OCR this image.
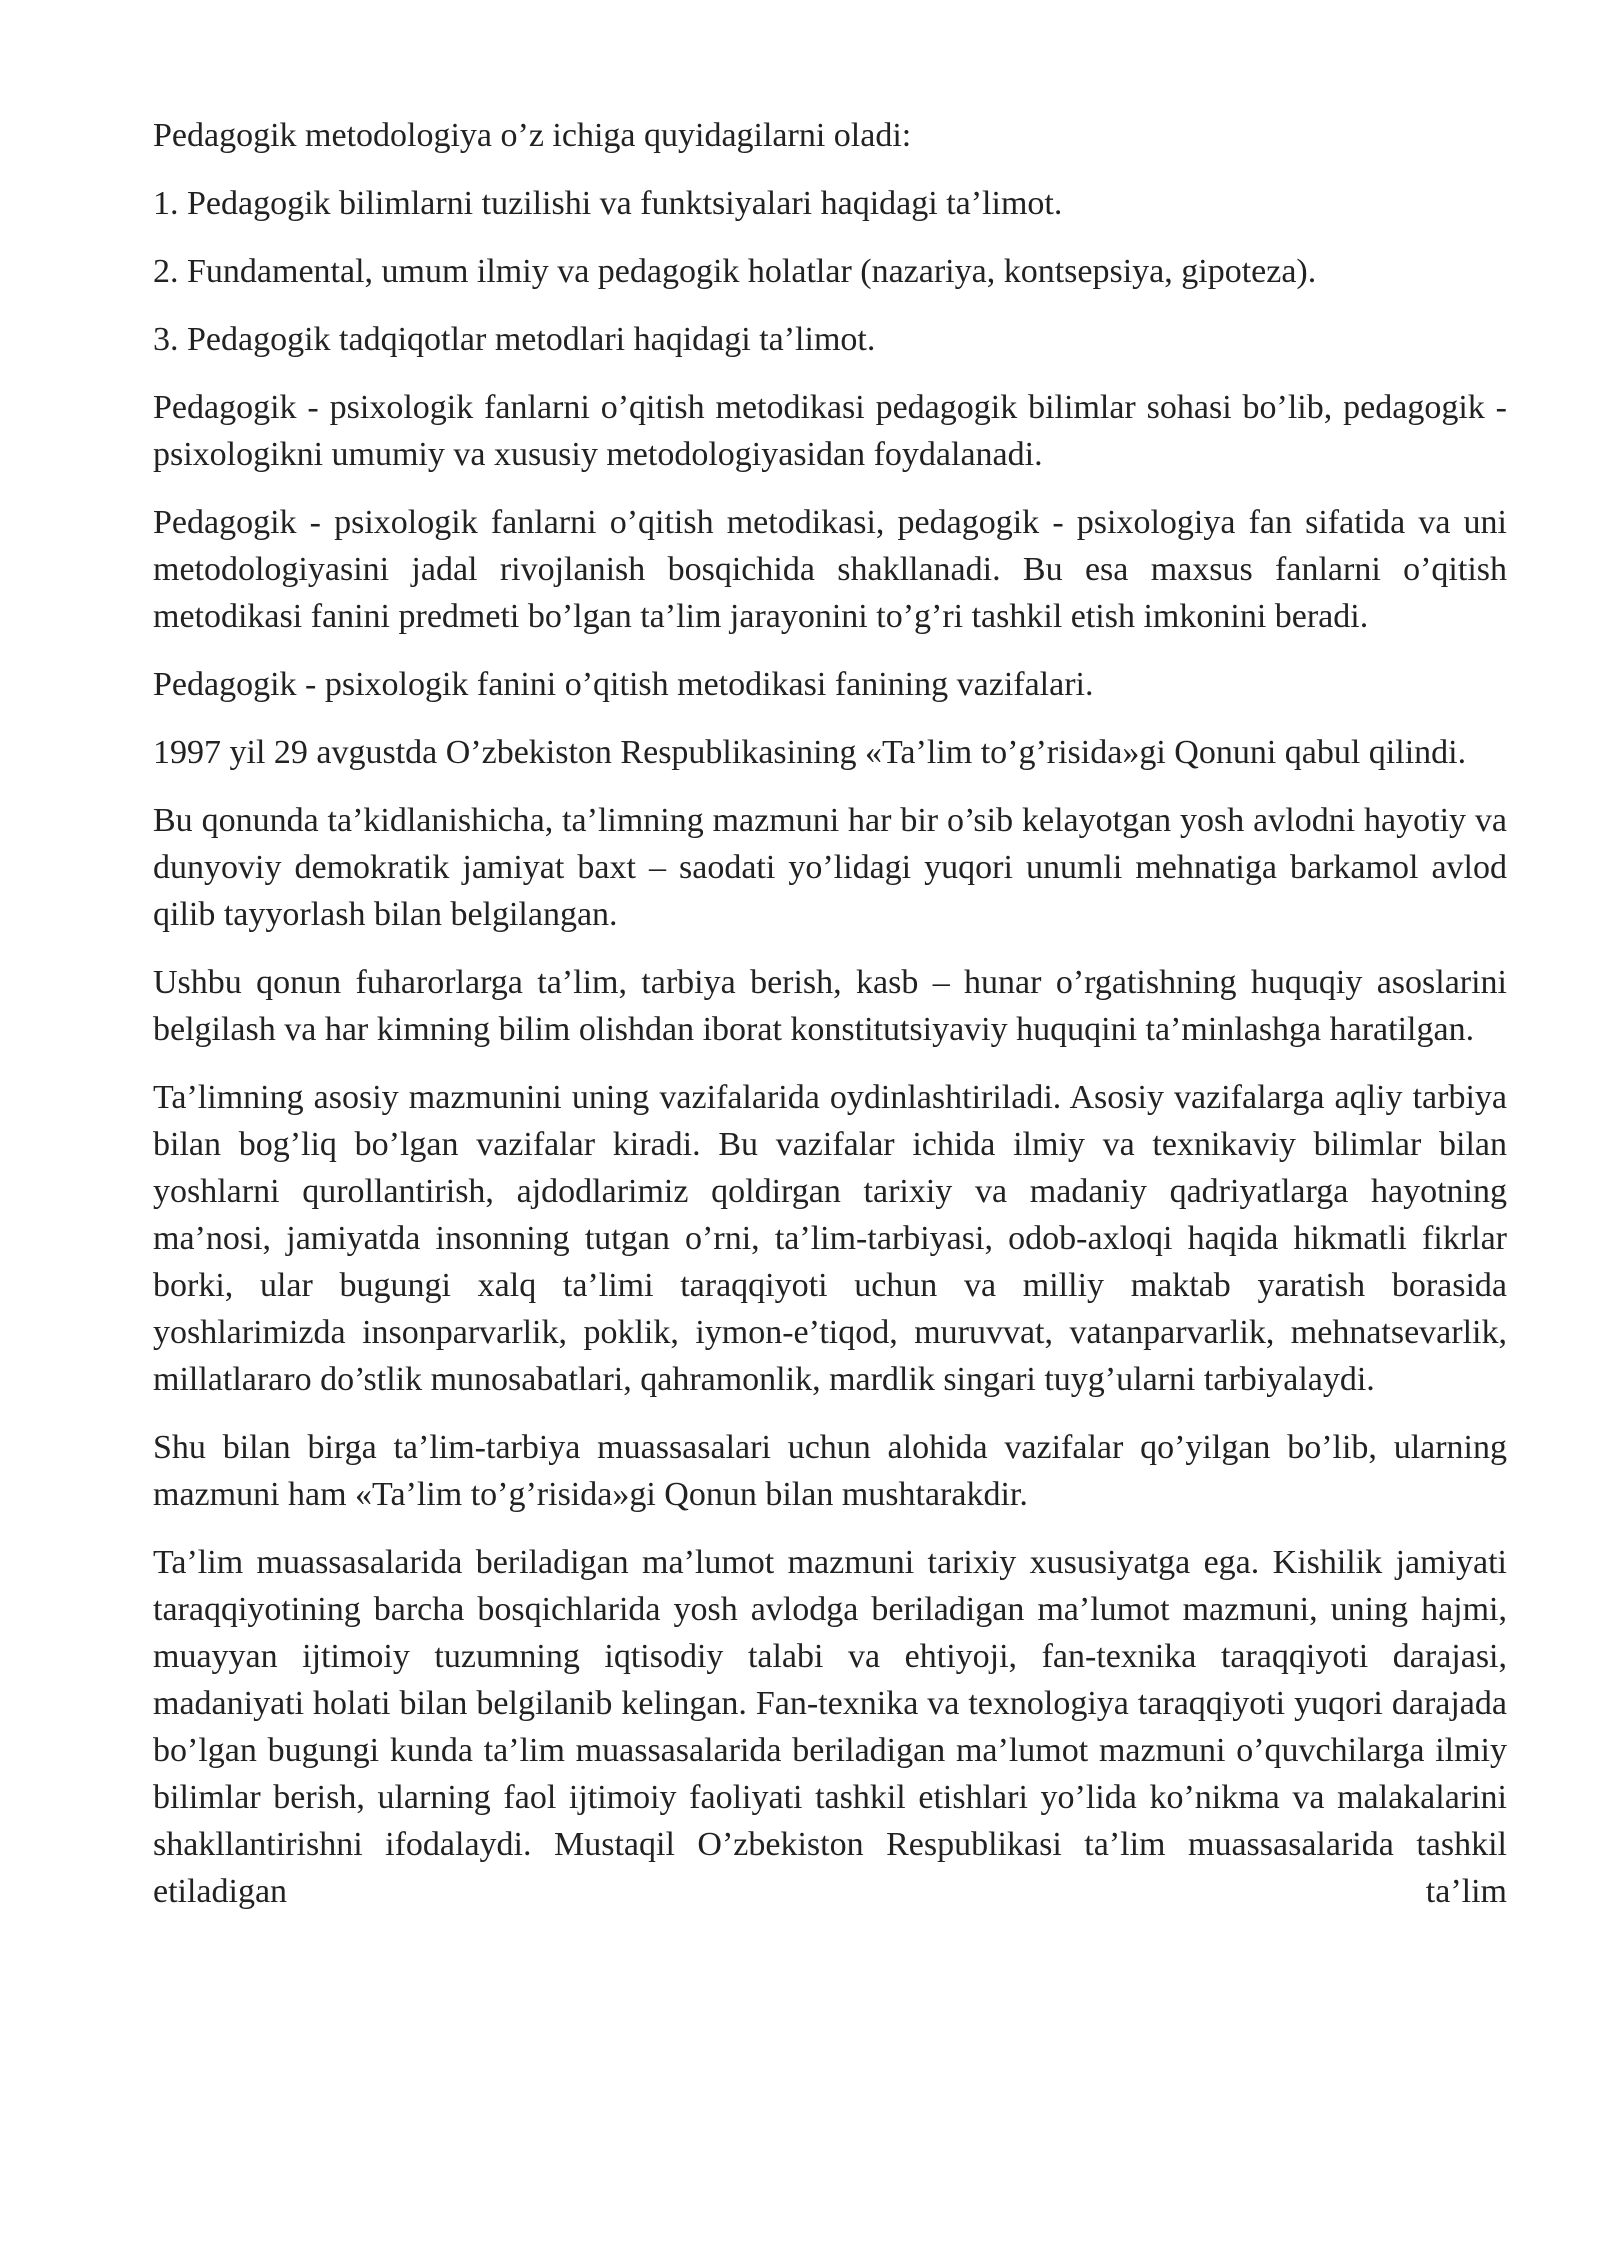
Pedagogik metodologiya o’z ichiga quyidagilarni oladi:

1. Pedagogik bilimlarni tuzilishi va funktsiyalari haqidagi ta’limot.

2. Fundamental, umum ilmiy va pedagogik holatlar (nazariya, kontsepsiya, gipoteza).

3. Pedagogik tadqiqotlar metodlari haqidagi ta’limot.

Pedagogik - psixologik fanlarni o’qitish metodikasi pedagogik bilimlar sohasi bo’lib, pedagogik - psixologikni umumiy va xususiy metodologiyasidan foydalanadi.

Pedagogik - psixologik fanlarni o’qitish metodikasi, pedagogik - psixologiya fan sifatida va uni metodologiyasini jadal rivojlanish bosqichida shakllanadi. Bu esa maxsus fanlarni o’qitish metodikasi fanini predmeti bo’lgan ta’lim jarayonini to’g’ri tashkil etish imkonini beradi.

Pedagogik - psixologik fanini o’qitish metodikasi fanining vazifalari.

1997 yil 29 avgustda O’zbekiston Respublikasining «Ta’lim to’g’risida»gi Qonuni qabul qilindi.

Bu qonunda ta’kidlanishicha, ta’limning mazmuni har bir o’sib kelayotgan yosh avlodni hayotiy va dunyoviy demokratik jamiyat baxt – saodati yo’lidagi yuqori unumli mehnatiga barkamol avlod qilib tayyorlash bilan belgilangan.

Ushbu qonun fuharorlarga ta’lim, tarbiya berish, kasb – hunar o’rgatishning huquqiy asoslarini belgilash va har kimning bilim olishdan iborat konstitutsiyaviy huquqini ta’minlashga haratilgan.

Ta’limning asosiy mazmunini uning vazifalarida oydinlashtiriladi. Asosiy vazifalarga aqliy tarbiya bilan bog’liq bo’lgan vazifalar kiradi. Bu vazifalar ichida ilmiy va texnikaviy bilimlar bilan yoshlarni qurollantirish, ajdodlarimiz qoldirgan tarixiy va madaniy qadriyatlarga hayotning ma’nosi, jamiyatda insonning tutgan o’rni, ta’lim-tarbiyasi, odob-axloqi haqida hikmatli fikrlar borki, ular bugungi xalq ta’limi taraqqiyoti uchun va milliy maktab yaratish borasida yoshlarimizda insonparvarlik, poklik, iymon-e’tiqod, muruvvat, vatanparvarlik, mehnatsevarlik, millatlararo do’stlik munosabatlari, qahramonlik, mardlik singari tuyg’ularni tarbiyalaydi.

Shu bilan birga ta’lim-tarbiya muassasalari uchun alohida vazifalar qo’yilgan bo’lib, ularning mazmuni ham «Ta’lim to’g’risida»gi Qonun bilan mushtarakdir.

Ta’lim muassasalarida beriladigan ma’lumot mazmuni tarixiy xususiyatga ega. Kishilik jamiyati taraqqiyotining barcha bosqichlarida yosh avlodga beriladigan ma’lumot mazmuni, uning hajmi, muayyan ijtimoiy tuzumning iqtisodiy talabi va ehtiyoji, fan-texnika taraqqiyoti darajasi, madaniyati holati bilan belgilanib kelingan. Fan-texnika va texnologiya taraqqiyoti yuqori darajada bo’lgan bugungi kunda ta’lim muassasalarida beriladigan ma’lumot mazmuni o’quvchilarga ilmiy bilimlar berish, ularning faol ijtimoiy faoliyati tashkil etishlari yo’lida ko’nikma va malakalarini shakllantirishni ifodalaydi. Mustaqil O’zbekiston Respublikasi ta’lim muassasalarida tashkil etiladigan ta’lim
